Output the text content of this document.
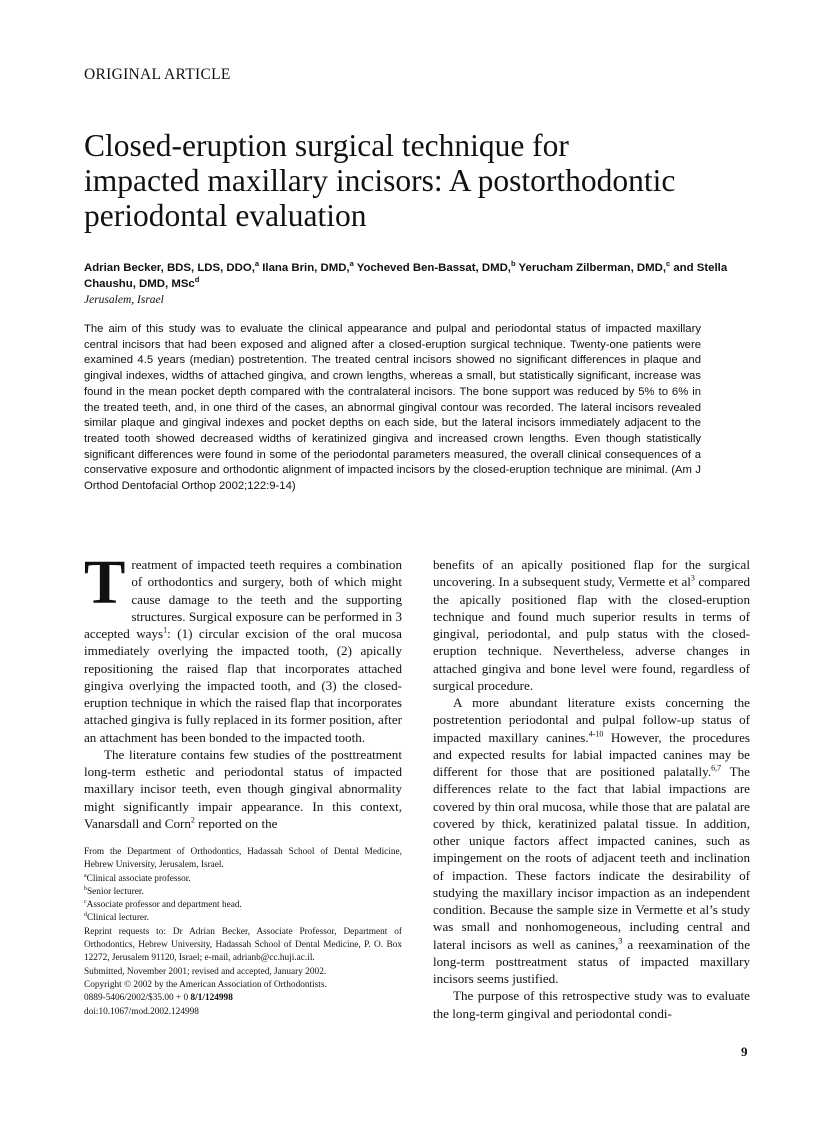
ORIGINAL ARTICLE
Closed-eruption surgical technique for impacted maxillary incisors: A postorthodontic periodontal evaluation
Adrian Becker, BDS, LDS, DDO,$^a$ Ilana Brin, DMD,$^a$ Yocheved Ben-Bassat, DMD,$^b$ Yerucham Zilberman, DMD,$^c$ and Stella Chaushu, DMD, MSc$^d$
Jerusalem, Israel
The aim of this study was to evaluate the clinical appearance and pulpal and periodontal status of impacted maxillary central incisors that had been exposed and aligned after a closed-eruption surgical technique. Twenty-one patients were examined 4.5 years (median) postretention. The treated central incisors showed no significant differences in plaque and gingival indexes, widths of attached gingiva, and crown lengths, whereas a small, but statistically significant, increase was found in the mean pocket depth compared with the contralateral incisors. The bone support was reduced by 5% to 6% in the treated teeth, and, in one third of the cases, an abnormal gingival contour was recorded. The lateral incisors revealed similar plaque and gingival indexes and pocket depths on each side, but the lateral incisors immediately adjacent to the treated tooth showed decreased widths of keratinized gingiva and increased crown lengths. Even though statistically significant differences were found in some of the periodontal parameters measured, the overall clinical consequences of a conservative exposure and orthodontic alignment of impacted incisors by the closed-eruption technique are minimal. (Am J Orthod Dentofacial Orthop 2002;122:9-14)
T reatment of impacted teeth requires a combination of orthodontics and surgery, both of which might cause damage to the teeth and the supporting structures. Surgical exposure can be performed in 3 accepted ways$^1$: (1) circular excision of the oral mucosa immediately overlying the impacted tooth, (2) apically repositioning the raised flap that incorporates attached gingiva overlying the impacted tooth, and (3) the closed-eruption technique in which the raised flap that incorporates attached gingiva is fully replaced in its former position, after an attachment has been bonded to the impacted tooth.

The literature contains few studies of the posttreatment long-term esthetic and periodontal status of impacted maxillary incisor teeth, even though gingival abnormality might significantly impair appearance. In this context, Vanarsdall and Corn$^2$ reported on the

From the Department of Orthodontics, Hadassah School of Dental Medicine, Hebrew University, Jerusalem, Israel.
$^a$Clinical associate professor.
$^b$Senior lecturer.
$^c$Associate professor and department head.
$^d$Clinical lecturer.
Reprint requests to: Dr Adrian Becker, Associate Professor, Department of Orthodontics, Hebrew University, Hadassah School of Dental Medicine, P. O. Box 12272, Jerusalem 91120, Israel; e-mail, adrianb@cc.huji.ac.il.
Submitted, November 2001; revised and accepted, January 2002.
Copyright © 2002 by the American Association of Orthodontists.
0889-5406/2002/$35.00 + 0 8/1/124998
doi:10.1067/mod.2002.124998

benefits of an apically positioned flap for the surgical uncovering. In a subsequent study, Vermette et $al^3$ compared the apically positioned flap with the closed-eruption technique and found much superior results in terms of gingival, periodontal, and pulp status with the closed-eruption technique. Nevertheless, adverse changes in attached gingiva and bone level were found, regardless of surgical procedure.

A more abundant literature exists concerning the postretention periodontal and pulpal follow-up status of impacted maxillary canines.$^{4-10}$ However, the procedures and expected results for labial impacted canines may be different for those that are positioned palatally.$^{6,7}$ The differences relate to the fact that labial impactions are covered by thin oral mucosa, while those that are palatal are covered by thick, keratinized palatal tissue. In addition, other unique factors affect impacted canines, such as impingement on the roots of adjacent teeth and inclination of impaction. These factors indicate the desirability of studying the maxillary incisor impaction as an independent condition. Because the sample size in Vermette et al’s study was small and nonhomogeneous, including central and lateral incisors as well as canines,$^3$ a reexamination of the long-term posttreatment status of impacted maxillary incisors seems justified.

The purpose of this retrospective study was to evaluate the long-term gingival and periodontal condi-

9
